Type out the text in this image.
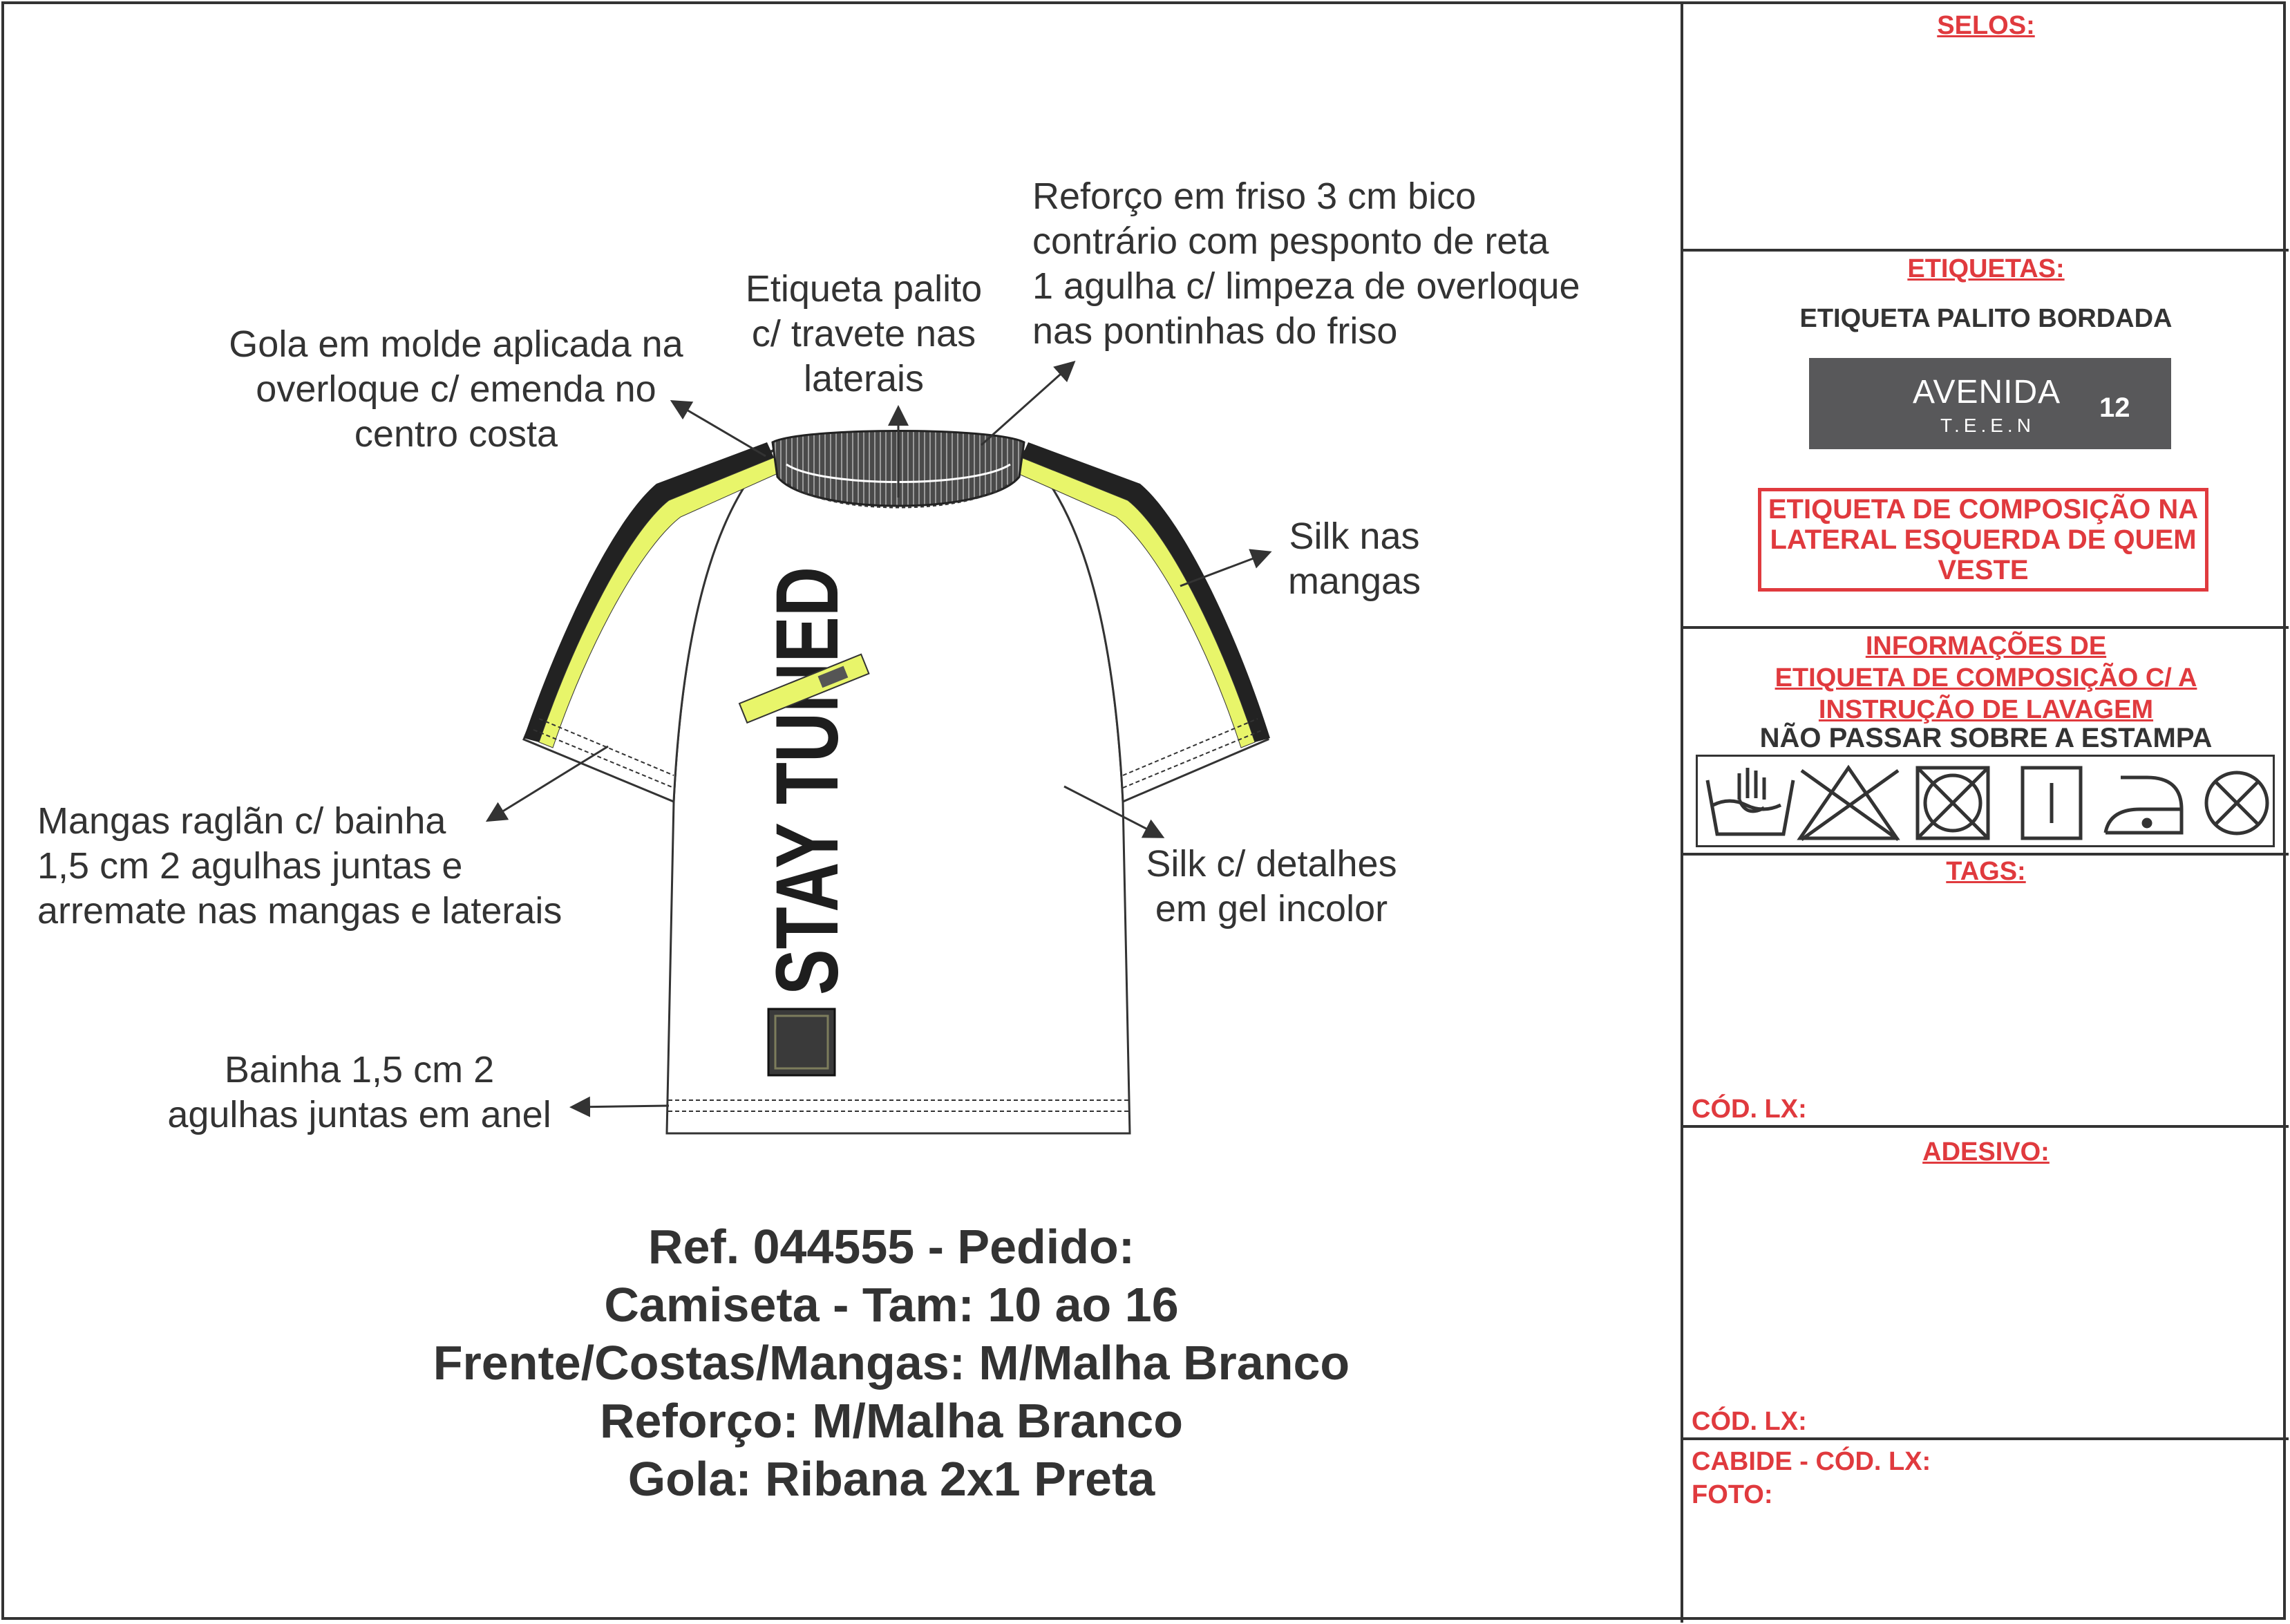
STAY TUNED
Gola em molde aplicada na
overloque c/ emenda no
centro costa
Etiqueta palito
c/ travete nas
laterais
Reforço em friso 3 cm bico
contrário com pesponto de reta
1 agulha c/ limpeza de overloque
nas pontinhas do friso
Silk nas
mangas
Mangas raglãn c/ bainha
1,5 cm 2 agulhas juntas e
arremate nas mangas e laterais
Silk c/ detalhes
em gel incolor
Bainha 1,5 cm 2
agulhas juntas em anel
Ref. 044555 - Pedido:
Camiseta - Tam: 10 ao 16
Frente/Costas/Mangas: M/Malha Branco
Reforço: M/Malha Branco
Gola: Ribana 2x1 Preta
SELOS:
ETIQUETAS:
ETIQUETA PALITO BORDADA
AVENIDA
T.E.E.N
12
ETIQUETA DE COMPOSIÇÃO NA
LATERAL ESQUERDA DE QUEM
VESTE
INFORMAÇÕES DE
ETIQUETA DE COMPOSIÇÃO C/ A
INSTRUÇÃO DE LAVAGEM
NÃO PASSAR SOBRE A ESTAMPA
TAGS:
CÓD. LX:
ADESIVO:
CÓD. LX:
CABIDE - CÓD. LX:
FOTO:
